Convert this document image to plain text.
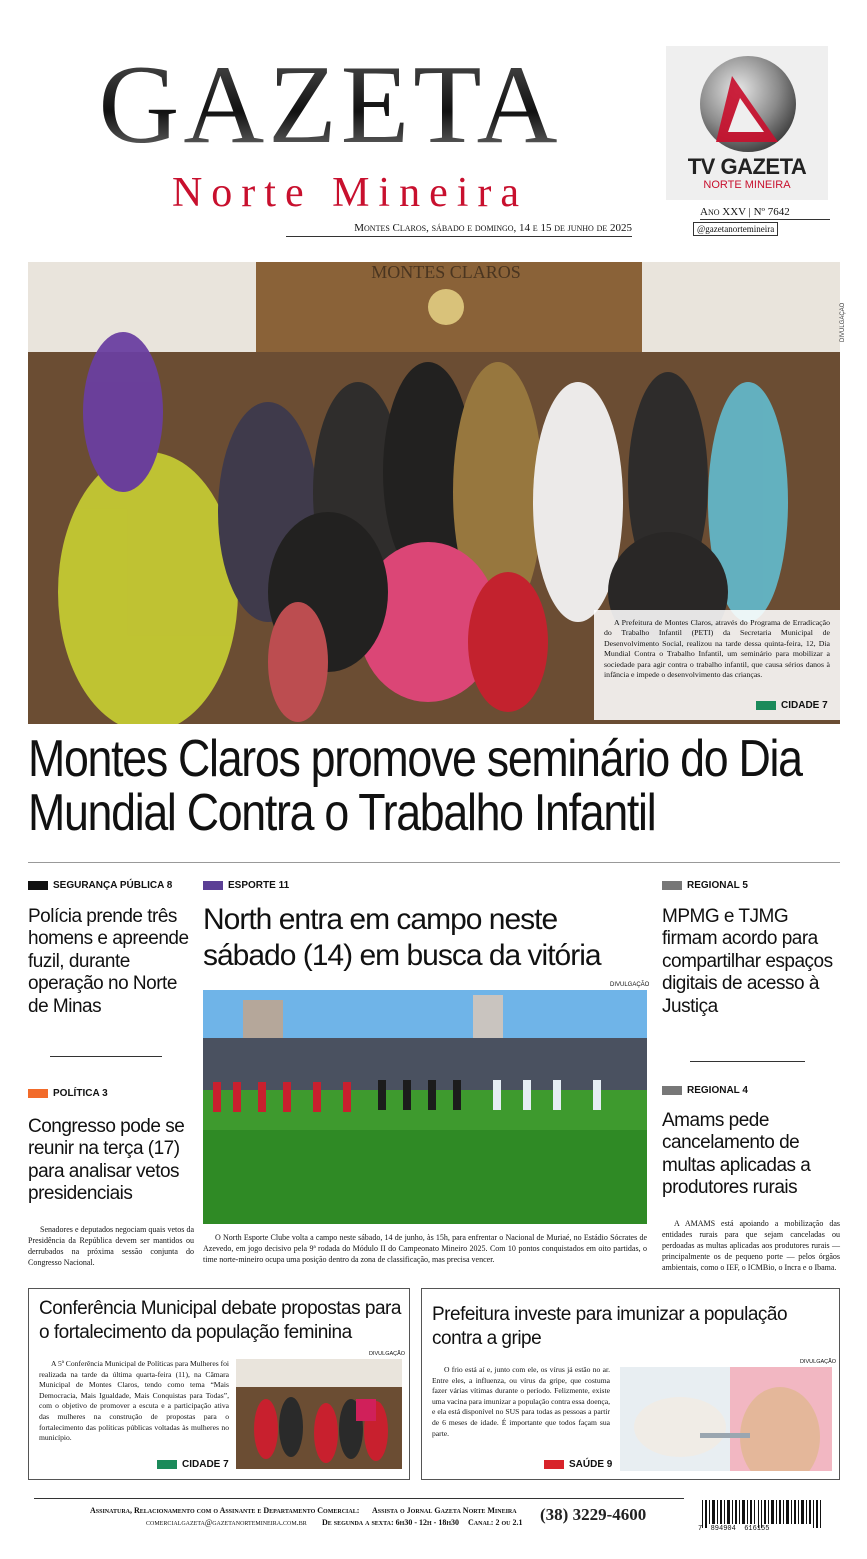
GAZETA
Norte Mineira
Montes Claros, sábado e domingo, 14 e 15 de junho de 2025
TV GAZETA
NORTE MINEIRA
Ano XXV | Nº 7642
@gazetanortemineira
MONTES CLAROS
DIVULGAÇÃO
A Prefeitura de Montes Claros, através do Programa de Erradicação do Trabalho Infantil (PETI) da Secretaria Municipal de Desenvolvimento Social, realizou na tarde dessa quinta-feira, 12, Dia Mundial Contra o Trabalho Infantil, um seminário para mobilizar a sociedade para agir contra o trabalho infantil, que causa sérios danos à infância e impede o desenvolvimento das crianças.
CIDADE 7
Montes Claros promove seminário do Dia Mundial Contra o Trabalho Infantil
SEGURANÇA PÚBLICA 8
Polícia prende três homens e apreende fuzil, durante operação no Norte de Minas
POLÍTICA 3
Congresso pode se reunir na terça (17) para analisar vetos presidenciais
Senadores e deputados negociam quais vetos da Presidência da República devem ser mantidos ou derrubados na próxima sessão conjunta do Congresso Nacional.
ESPORTE 11
North entra em campo neste sábado (14) em busca da vitória
DIVULGAÇÃO
O North Esporte Clube volta a campo neste sábado, 14 de junho, às 15h, para enfrentar o Nacional de Muriaé, no Estádio Sócrates de Azevedo, em jogo decisivo pela 9ª rodada do Módulo II do Campeonato Mineiro 2025. Com 10 pontos conquistados em oito partidas, o time norte-mineiro ocupa uma posição dentro da zona de classificação, mas precisa vencer.
REGIONAL 5
MPMG e TJMG firmam acordo para compartilhar espaços digitais de acesso à Justiça
REGIONAL 4
Amams pede cancelamento de multas aplicadas a produtores rurais
A AMAMS está apoiando a mobilização das entidades rurais para que sejam canceladas ou perdoadas as multas aplicadas aos produtores rurais — principalmente os de pequeno porte — pelos órgãos ambientais, como o IEF, o ICMBio, o Incra e o Ibama.
Conferência Municipal debate propostas para o fortalecimento da população feminina
A 5ª Conferência Municipal de Políticas para Mulheres foi realizada na tarde da última quarta-feira (11), na Câmara Municipal de Montes Claros, tendo como tema “Mais Democracia, Mais Igualdade, Mais Conquistas para Todas”, com o objetivo de promover a escuta e a participação ativa das mulheres na construção de propostas para o fortalecimento das políticas públicas voltadas às mulheres no município.
DIVULGAÇÃO
CIDADE 7
Prefeitura investe para imunizar a população contra a gripe
O frio está aí e, junto com ele, os vírus já estão no ar. Entre eles, a influenza, ou vírus da gripe, que costuma fazer várias vítimas durante o período. Felizmente, existe uma vacina para imunizar a população contra essa doença, e ela está disponível no SUS para todas as pessoas a partir de 6 meses de idade. É importante que todos façam sua parte.
DIVULGAÇÃO
SAÚDE 9
Assinatura, Relacionamento com o Assinante e Departamento Comercial: Assista o Jornal Gazeta Norte Mineira
comercialgazeta@gazetanortemineira.com.br De segunda a sexta: 6h30 - 12h - 18h30 Canal: 2 ou 2.1 (38) 3229-4600
7  894904  616155
